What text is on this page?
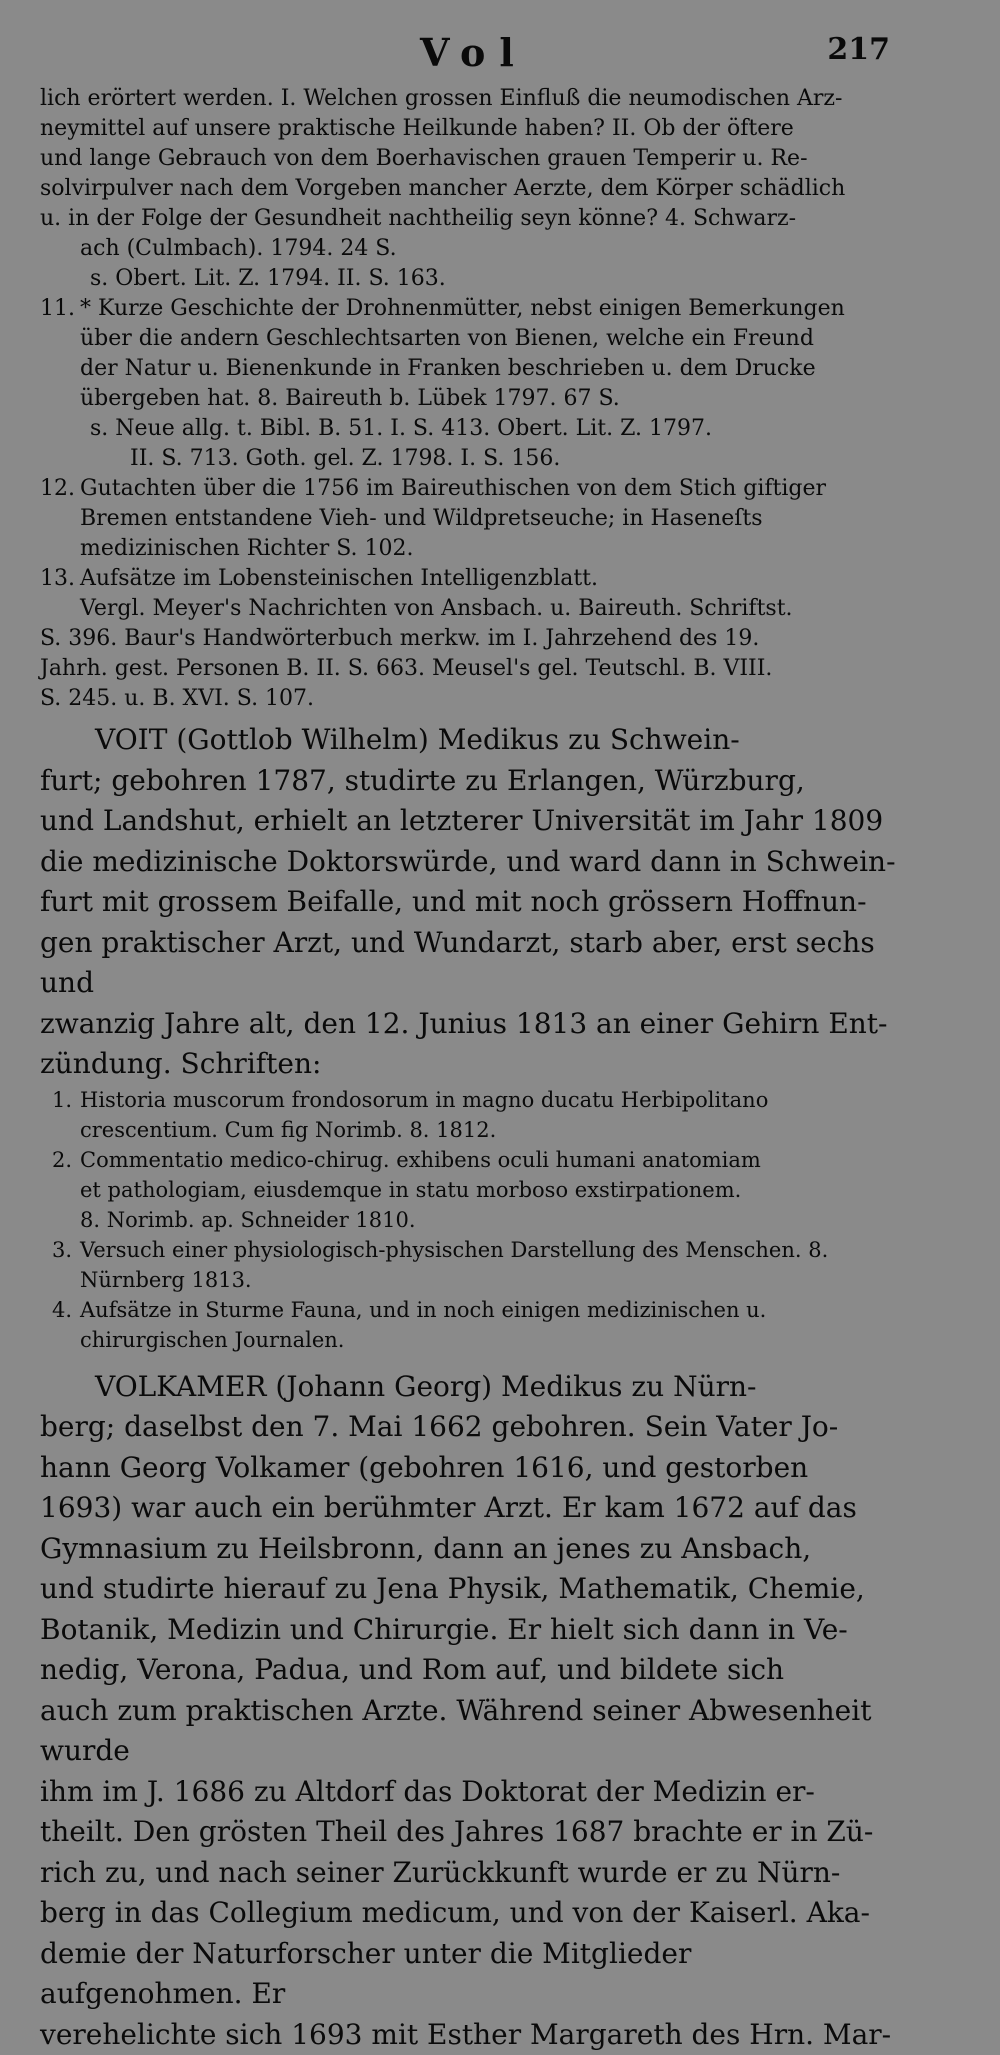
Vol	217

lich erörtert werden. I. Welchen grossen Einfluß die neumodischen Arz-

neymittel auf unsere praktische Heilkunde haben? II. Ob der öftere

und lange Gebrauch von dem Boerhavischen grauen Temperir u. Re-

solvirpulver nach dem Vorgeben mancher Aerzte, dem Körper schädlich

u. in der Folge der Gesundheit nachtheilig seyn könne? 4. Schwarz-

ach (Culmbach). 1794. 24 S.

s. Obert. Lit. Z. 1794. II. S. 163.

11. * Kurze Geschichte der Drohnenmütter, nebst einigen Bemerkungen

über die andern Geschlechtsarten von Bienen, welche ein Freund

der Natur u. Bienenkunde in Franken beschrieben u. dem Drucke

übergeben hat. 8. Baireuth b. Lübek 1797. 67 S.

s. Neue allg. t. Bibl. B. 51. I. S. 413. Obert. Lit. Z. 1797.

II. S. 713. Goth. gel. Z. 1798. I. S. 156.

12. Gutachten über die 1756 im Baireuthischen von dem Stich giftiger

Bremen entstandene Vieh- und Wildpretseuche; in Haseneſts

medizinischen Richter S. 102.

13. Aufsätze im Lobensteinischen Intelligenzblatt.

Vergl. Meyer's Nachrichten von Ansbach. u. Baireuth. Schriftst.

S. 396. Baur's Handwörterbuch merkw. im I. Jahrzehend des 19.

Jahrh. gest. Personen B. II. S. 663. Meusel's gel. Teutschl. B. VIII.

S. 245. u. B. XVI. S. 107.

VOIT (Gottlob Wilhelm) Medikus zu Schwein-

furt; gebohren 1787, studirte zu Erlangen, Würzburg,

und Landshut, erhielt an letzterer Universität im Jahr 1809

die medizinische Doktorswürde, und ward dann in Schwein-

furt mit grossem Beifalle, und mit noch grössern Hoffnun-

gen praktischer Arzt, und Wundarzt, starb aber, erst sechs und

zwanzig Jahre alt, den 12. Junius 1813 an einer Gehirn Ent-

zündung. Schriften:

1. Historia muscorum frondosorum in magno ducatu Herbipolitano

crescentium. Cum fig Norimb. 8. 1812.

2. Commentatio medico-chirug. exhibens oculi humani anatomiam

et pathologiam, eiusdemque in statu morboso exstirpationem.

8. Norimb. ap. Schneider 1810.

3. Versuch einer physiologisch-physischen Darstellung des Menschen. 8.

Nürnberg 1813.

4. Aufsätze in Sturme Fauna, und in noch einigen medizinischen u.

chirurgischen Journalen.

VOLKAMER (Johann Georg) Medikus zu Nürn-

berg; daselbst den 7. Mai 1662 gebohren. Sein Vater Jo-

hann Georg Volkamer (gebohren 1616, und gestorben

1693) war auch ein berühmter Arzt. Er kam 1672 auf das

Gymnasium zu Heilsbronn, dann an jenes zu Ansbach,

und studirte hierauf zu Jena Physik, Mathematik, Chemie,

Botanik, Medizin und Chirurgie. Er hielt sich dann in Ve-

nedig, Verona, Padua, und Rom auf, und bildete sich

auch zum praktischen Arzte. Während seiner Abwesenheit wurde

ihm im J. 1686 zu Altdorf das Doktorat der Medizin er-

theilt. Den grösten Theil des Jahres 1687 brachte er in Zü-

rich zu, und nach seiner Zurückkunft wurde er zu Nürn-

berg in das Collegium medicum, und von der Kaiserl. Aka-

demie der Naturforscher unter die Mitglieder aufgenohmen. Er

verehelichte sich 1693 mit Esther Margareth des Hrn. Mar-
